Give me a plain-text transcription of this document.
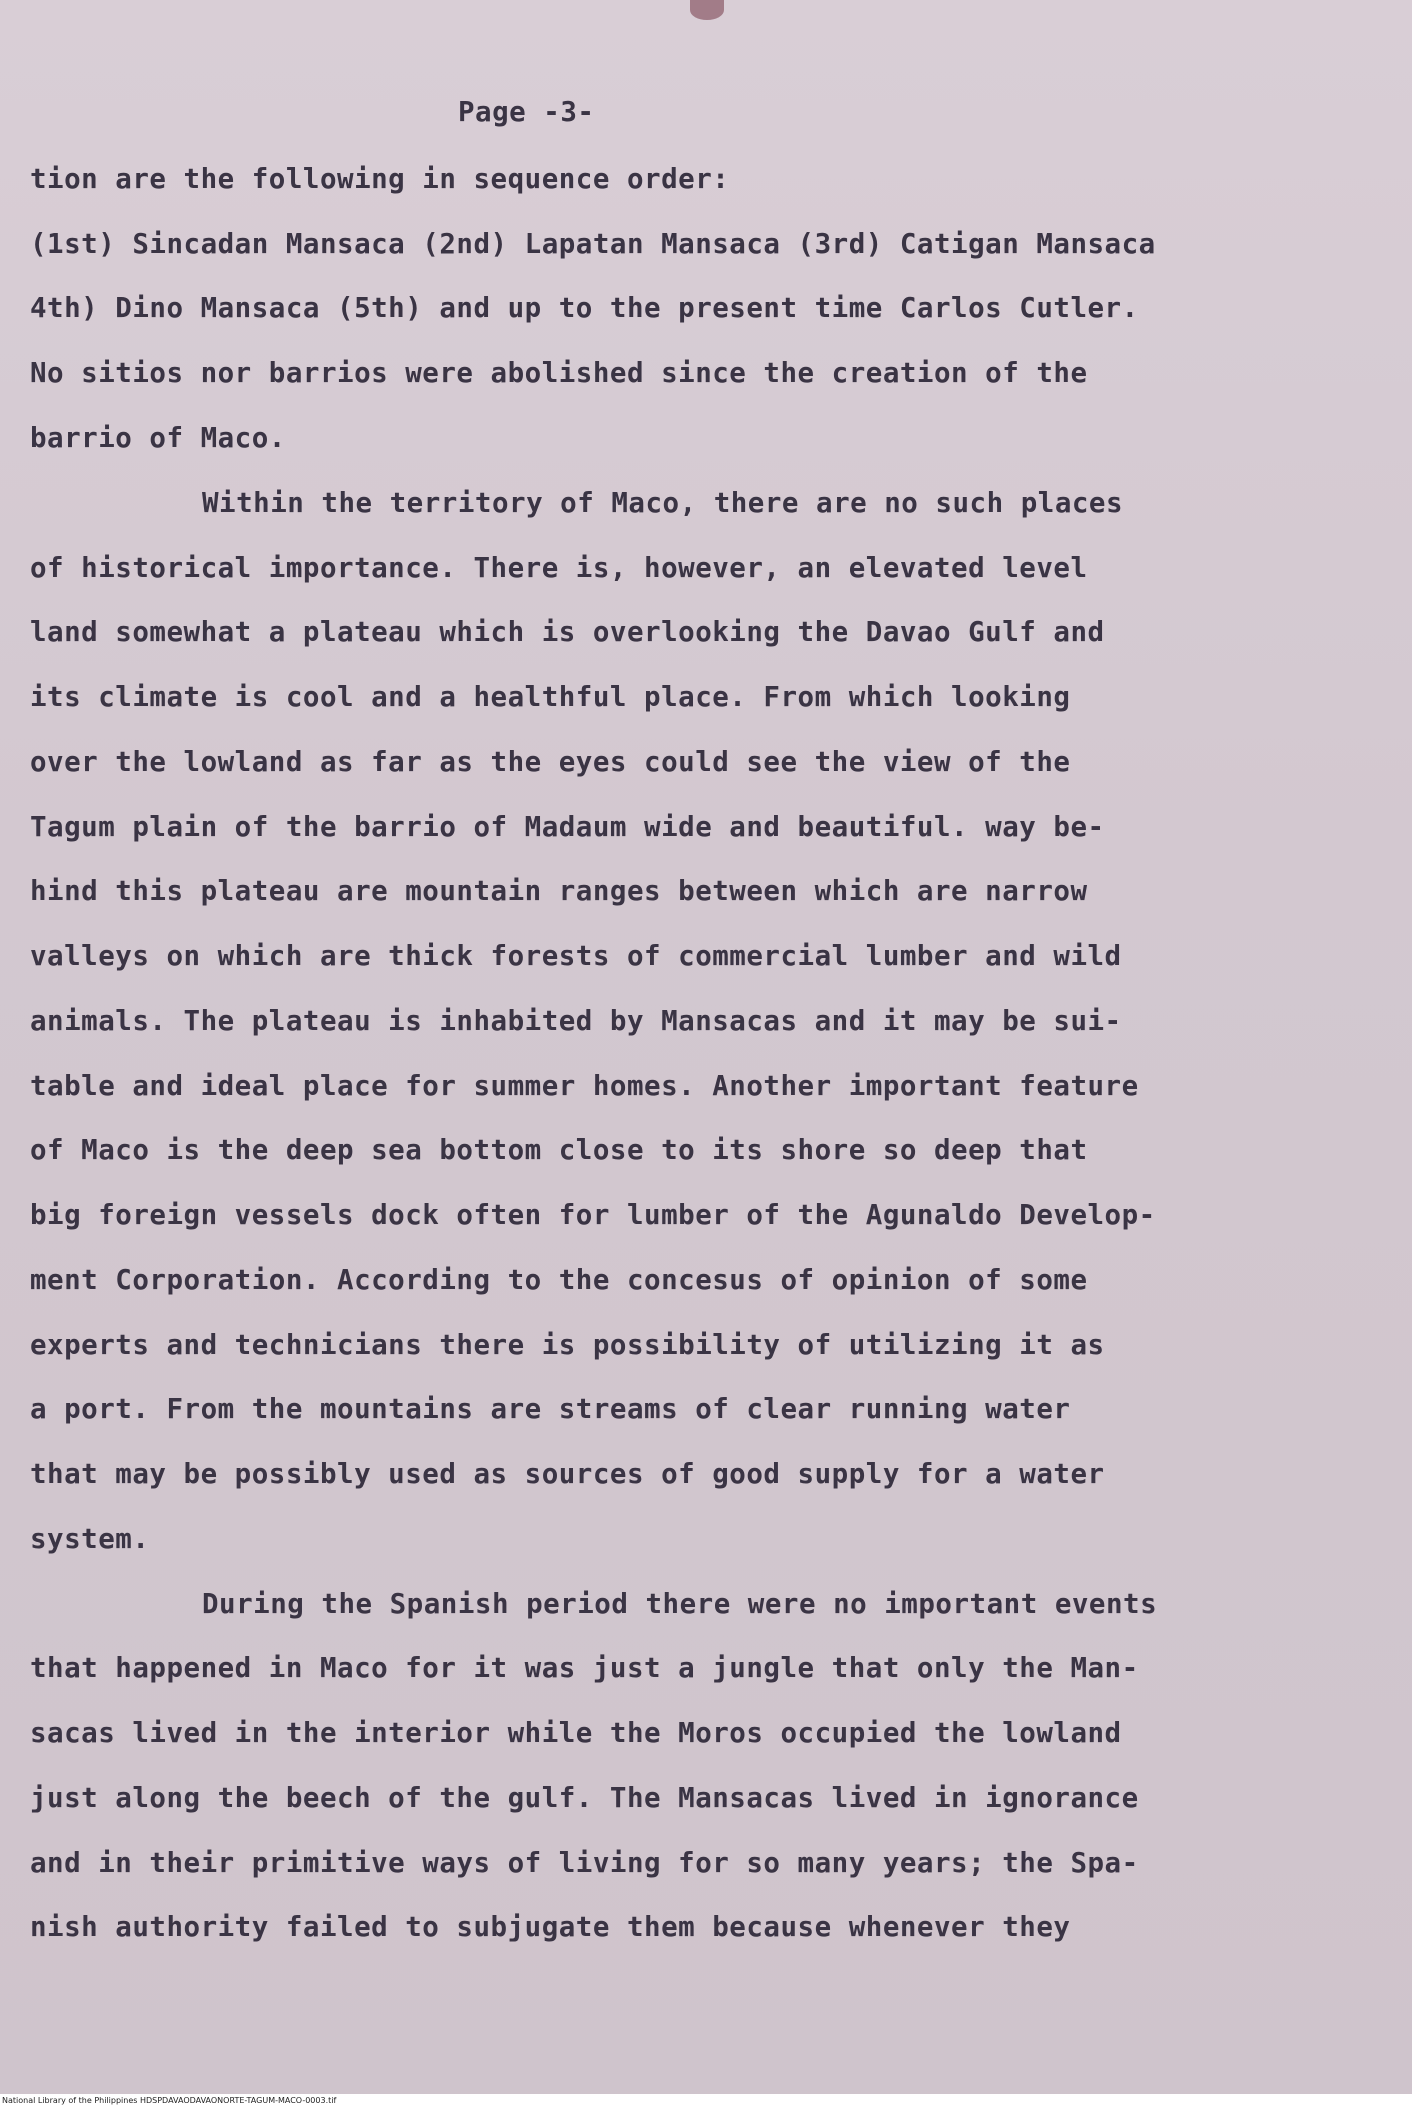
Page -3-
tion are the following in sequence order:
(1st) Sincadan Mansaca (2nd) Lapatan Mansaca (3rd) Catigan Mansaca
4th) Dino Mansaca (5th) and up to the present time Carlos Cutler.
No sitios nor barrios were abolished since the creation of the
barrio of Maco.
Within the territory of Maco, there are no such places
of historical importance. There is, however, an elevated level
land somewhat a plateau which is overlooking the Davao Gulf and
its climate is cool and a healthful place. From which looking
over the lowland as far as the eyes could see the view of the
Tagum plain of the barrio of Madaum wide and beautiful. way be-
hind this plateau are mountain ranges between which are narrow
valleys on which are thick forests of commercial lumber and wild
animals. The plateau is inhabited by Mansacas and it may be sui-
table and ideal place for summer homes. Another important feature
of Maco is the deep sea bottom close to its shore so deep that
big foreign vessels dock often for lumber of the Agunaldo Develop-
ment Corporation. According to the concesus of opinion of some
experts and technicians there is possibility of utilizing it as
a port. From the mountains are streams of clear running water
that may be possibly used as sources of good supply for a water
system.
During the Spanish period there were no important events
that happened in Maco for it was just a jungle that only the Man-
sacas lived in the interior while the Moros occupied the lowland
just along the beech of the gulf. The Mansacas lived in ignorance
and in their primitive ways of living for so many years; the Spa-
nish authority failed to subjugate them because whenever they
National Library of the Philippines HDSPDAVAODAVAONORTE-TAGUM-MACO-0003.tif
